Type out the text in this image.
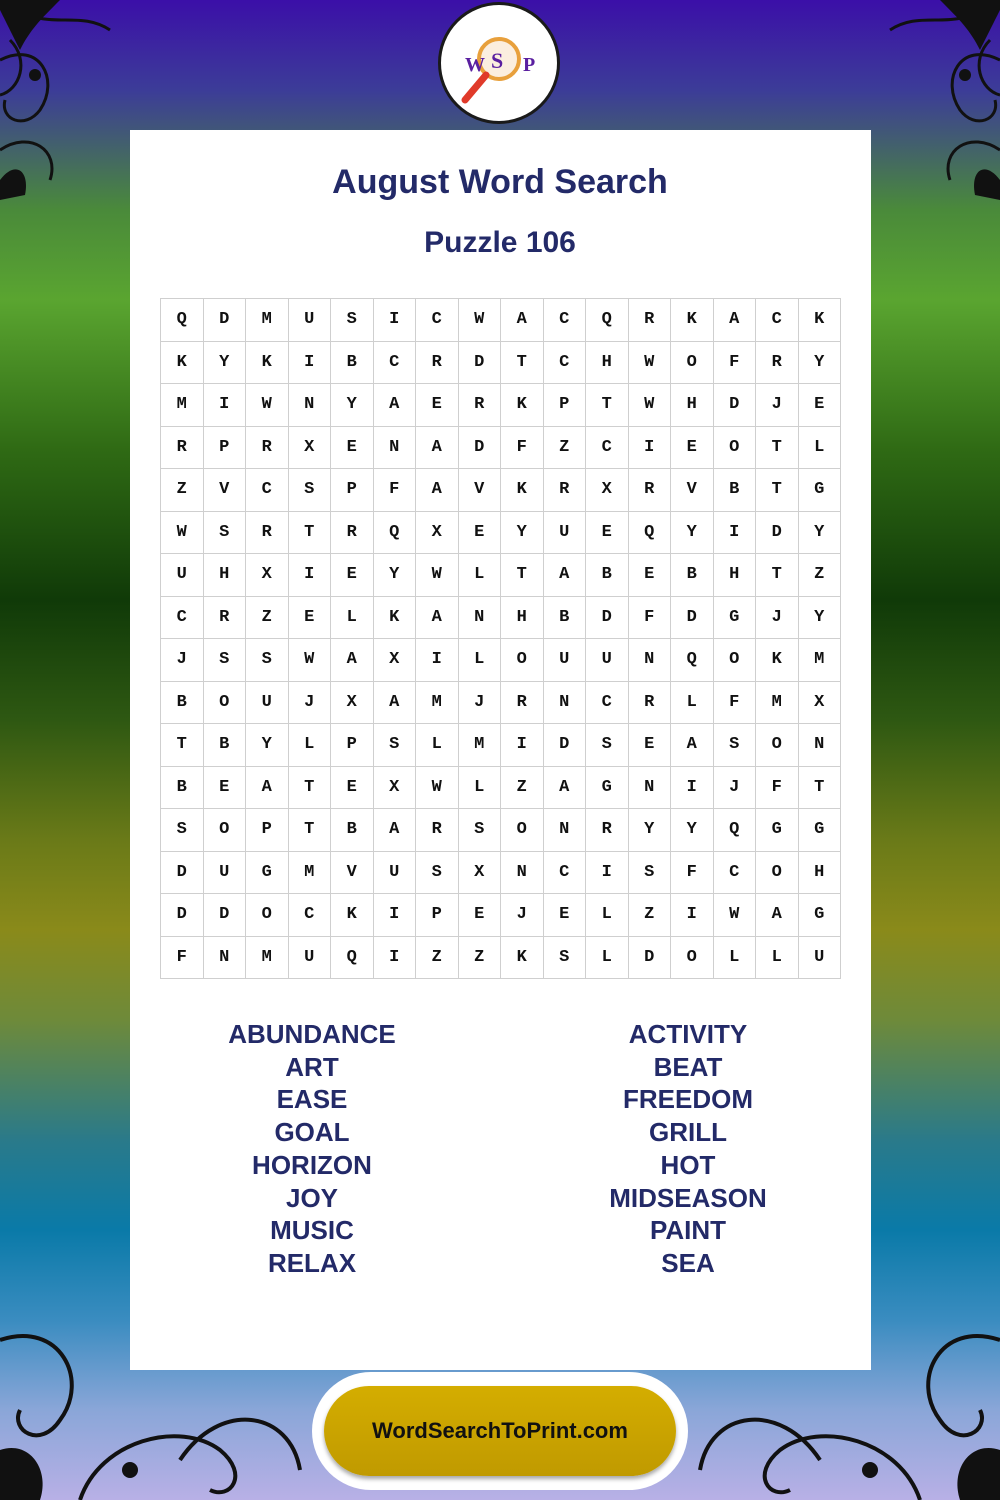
W S P
August Word Search
Puzzle 106
Q	D	M	U	S	I	C	W	A	C	Q	R	K	A	C	K
K	Y	K	I	B	C	R	D	T	C	H	W	O	F	R	Y
M	I	W	N	Y	A	E	R	K	P	T	W	H	D	J	E
R	P	R	X	E	N	A	D	F	Z	C	I	E	O	T	L
Z	V	C	S	P	F	A	V	K	R	X	R	V	B	T	G
W	S	R	T	R	Q	X	E	Y	U	E	Q	Y	I	D	Y
U	H	X	I	E	Y	W	L	T	A	B	E	B	H	T	Z
C	R	Z	E	L	K	A	N	H	B	D	F	D	G	J	Y
J	S	S	W	A	X	I	L	O	U	U	N	Q	O	K	M
B	O	U	J	X	A	M	J	R	N	C	R	L	F	M	X
T	B	Y	L	P	S	L	M	I	D	S	E	A	S	O	N
B	E	A	T	E	X	W	L	Z	A	G	N	I	J	F	T
S	O	P	T	B	A	R	S	O	N	R	Y	Y	Q	G	G
D	U	G	M	V	U	S	X	N	C	I	S	F	C	O	H
D	D	O	C	K	I	P	E	J	E	L	Z	I	W	A	G
F	N	M	U	Q	I	Z	Z	K	S	L	D	O	L	L	U
ABUNDANCE
ART
EASE
GOAL
HORIZON
JOY
MUSIC
RELAX
ACTIVITY
BEAT
FREEDOM
GRILL
HOT
MIDSEASON
PAINT
SEA
WordSearchToPrint.com
